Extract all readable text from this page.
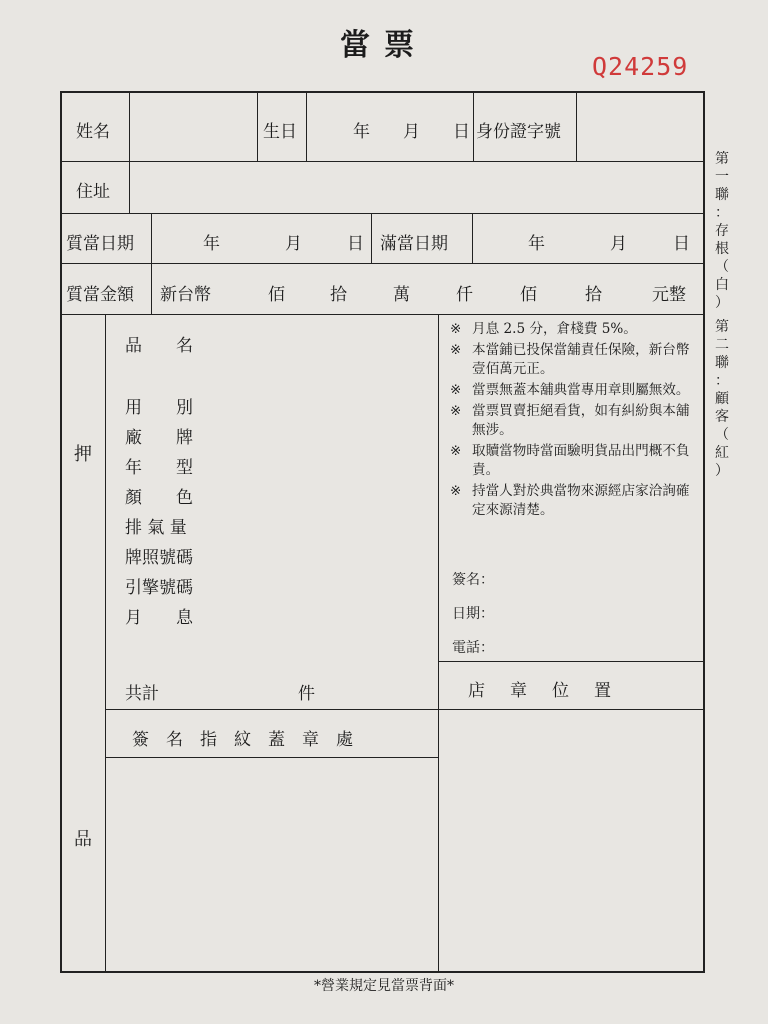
當票
Q24259
姓名	生日	年 月 日 身份證字號
住址
質當日期	年	月	日 滿當日期	年	月	日
質當金額 新台幣	佰	拾	萬	仟	佰	拾	元整
押
品
品　　名
用　　別
廠　　牌
年　　型
顏　　色
排 氣 量
牌照號碼
引擎號碼
月　　息
共計	件
簽　名　指　紋　蓋　章　處
※ 月息 2.5 分，倉棧費 5%。
※ 本當鋪已投保當舖責任保險，新台幣壹佰萬元正。
※ 當票無蓋本舖典當專用章則屬無效。
※ 當票買賣拒絕看貨，如有糾紛與本舖無涉。
※ 取贖當物時當面驗明貨品出門概不負責。
※ 持當人對於典當物來源經店家洽詢確定來源清楚。
簽名：
日期：
電話：
店　章　位　置
第
一
聯
：
存
根
（
白
）
第
二
聯
：
顧
客
（
紅
）
*營業規定見當票背面*
